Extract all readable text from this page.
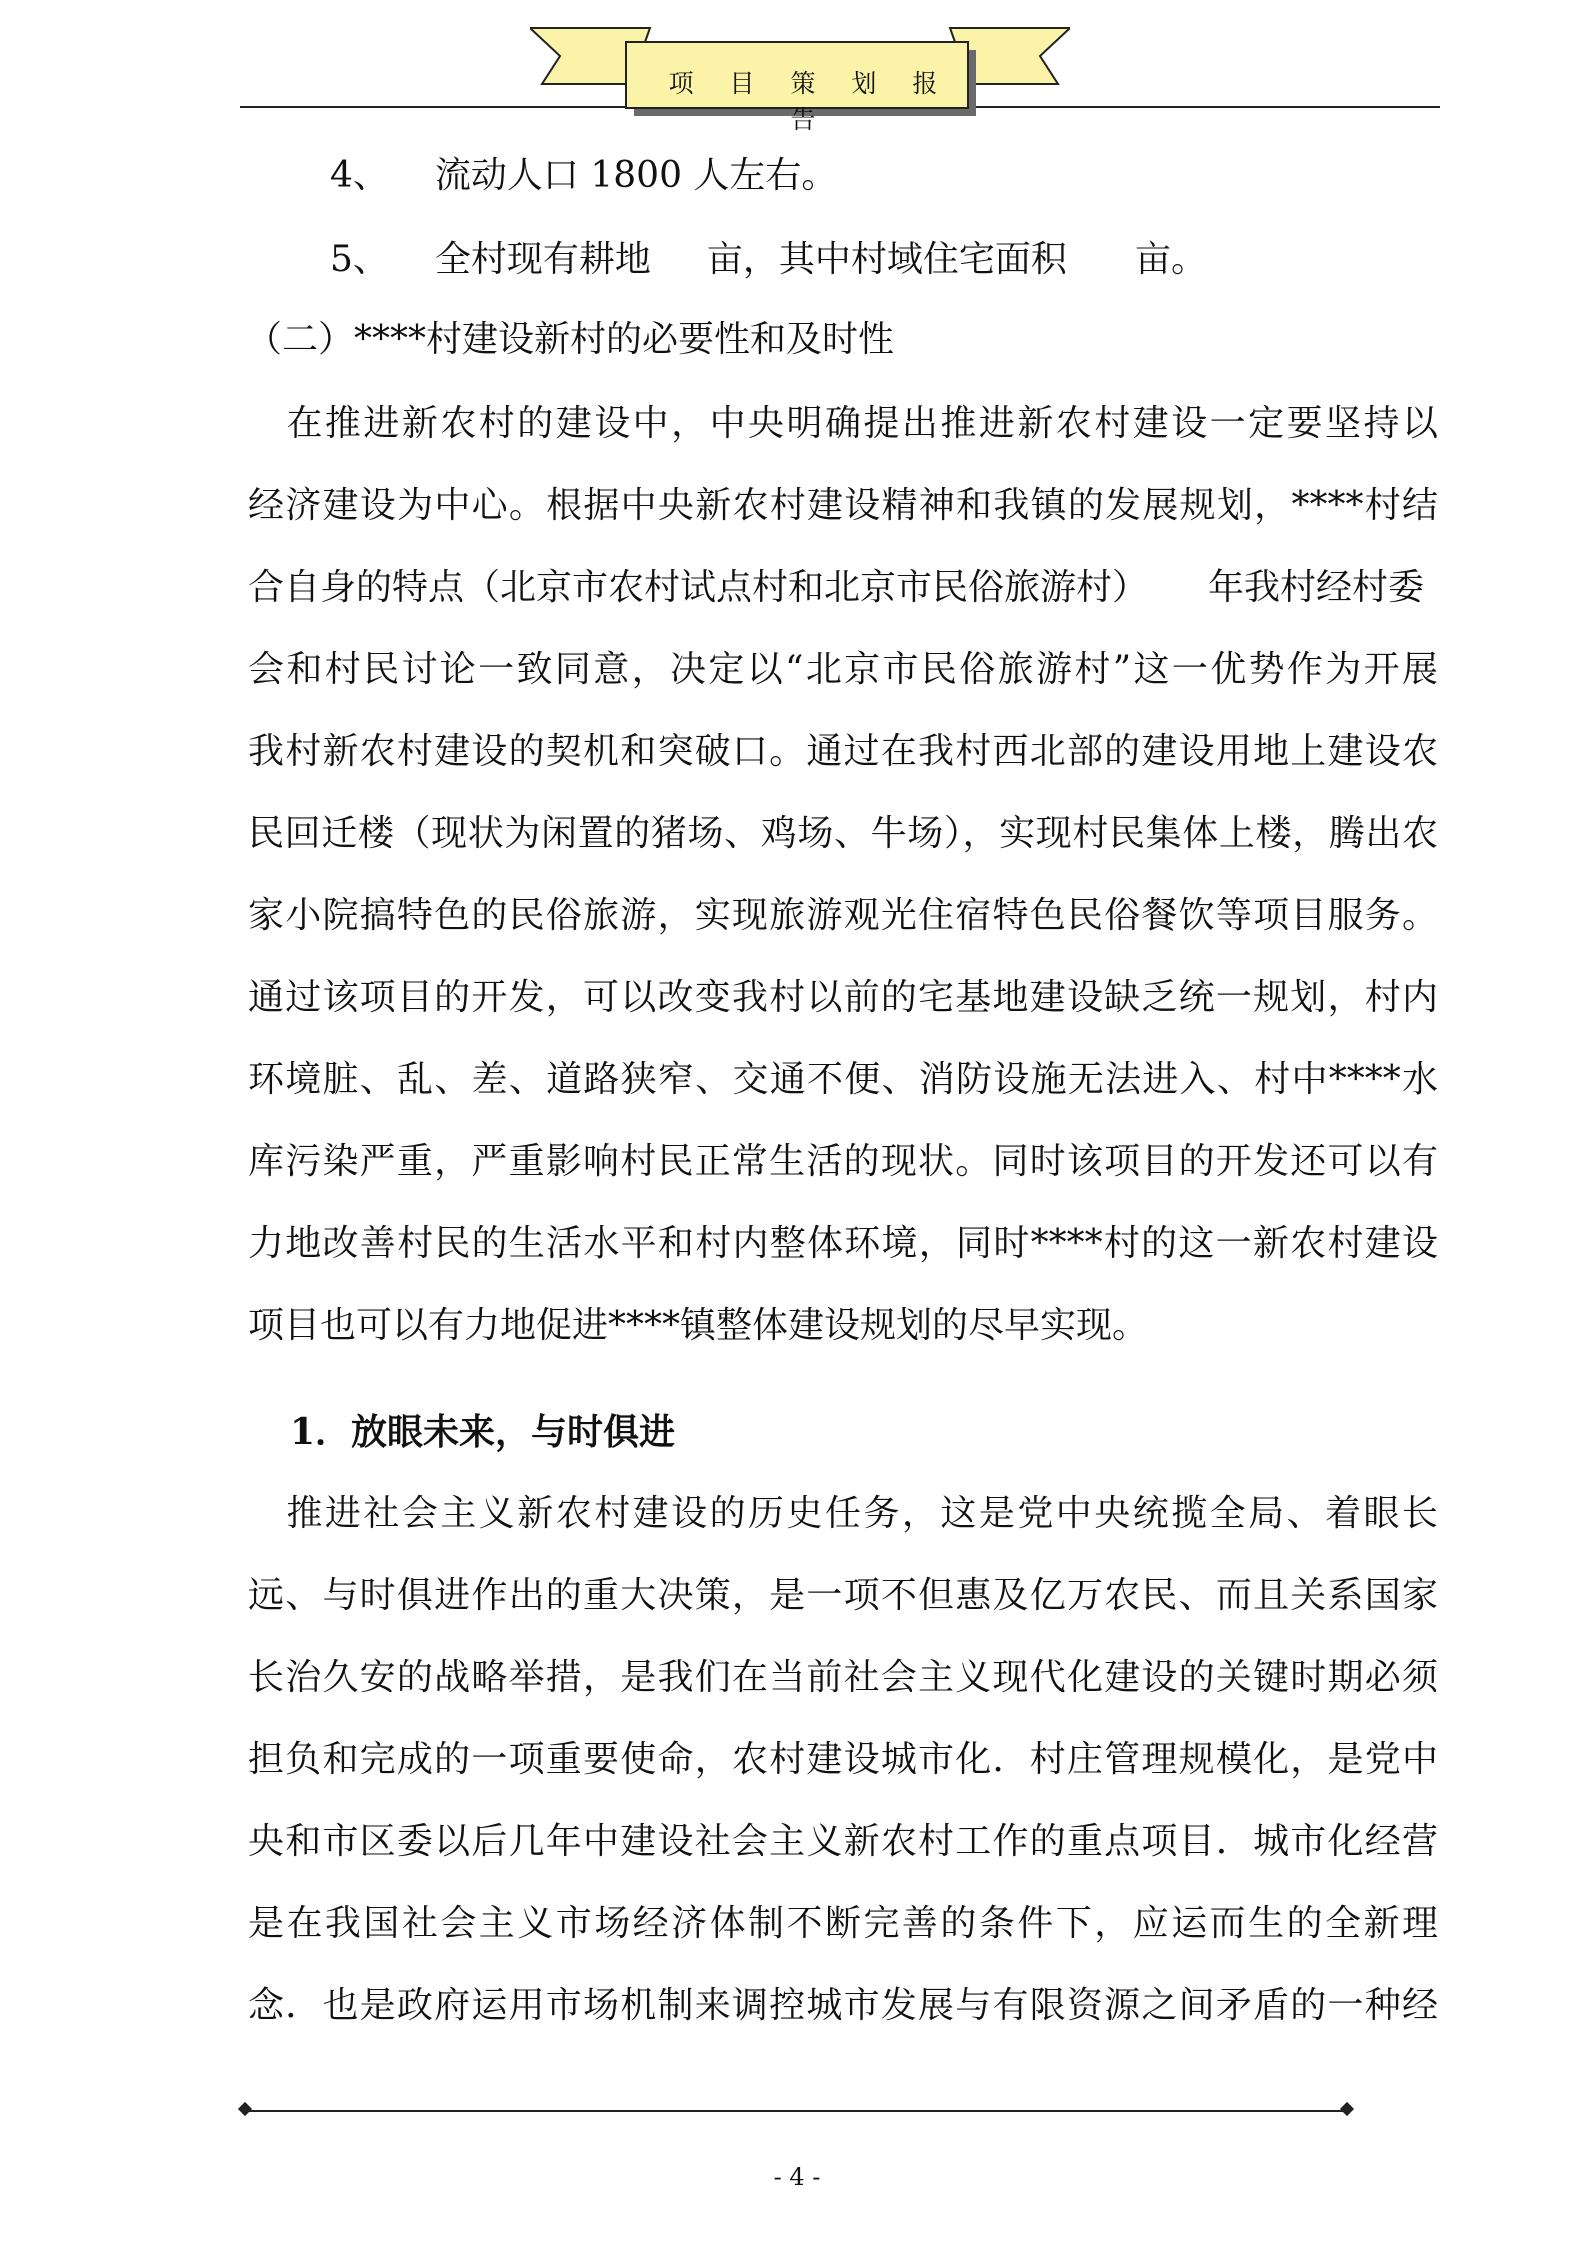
项 目 策 划 报 告
4、 流动人口 1800 人左右。
5、 全村现有耕地 亩，其中村域住宅面积 亩。
（二）****村建设新村的必要性和及时性
　在推进新农村的建设中，中央明确提出推进新农村建设一定要坚持以
经济建设为中心。根据中央新农村建设精神和我镇的发展规划，****村结
合自身的特点（北京市农村试点村和北京市民俗旅游村） 年我村经村委
会和村民讨论一致同意，决定以“北京市民俗旅游村”这一优势作为开展
我村新农村建设的契机和突破口。通过在我村西北部的建设用地上建设农
民回迁楼（现状为闲置的猪场、鸡场、牛场），实现村民集体上楼，腾出农
家小院搞特色的民俗旅游，实现旅游观光住宿特色民俗餐饮等项目服务。
通过该项目的开发，可以改变我村以前的宅基地建设缺乏统一规划，村内
环境脏、乱、差、道路狭窄、交通不便、消防设施无法进入、村中****水
库污染严重，严重影响村民正常生活的现状。同时该项目的开发还可以有
力地改善村民的生活水平和村内整体环境，同时****村的这一新农村建设
项目也可以有力地促进****镇整体建设规划的尽早实现。
1．放眼未来，与时俱进
　推进社会主义新农村建设的历史任务，这是党中央统揽全局、着眼长
远、与时俱进作出的重大决策，是一项不但惠及亿万农民、而且关系国家
长治久安的战略举措，是我们在当前社会主义现代化建设的关键时期必须
担负和完成的一项重要使命，农村建设城市化．村庄管理规模化，是党中
央和市区委以后几年中建设社会主义新农村工作的重点项目．城市化经营
是在我国社会主义市场经济体制不断完善的条件下，应运而生的全新理
念．也是政府运用市场机制来调控城市发展与有限资源之间矛盾的一种经
- 4 -
